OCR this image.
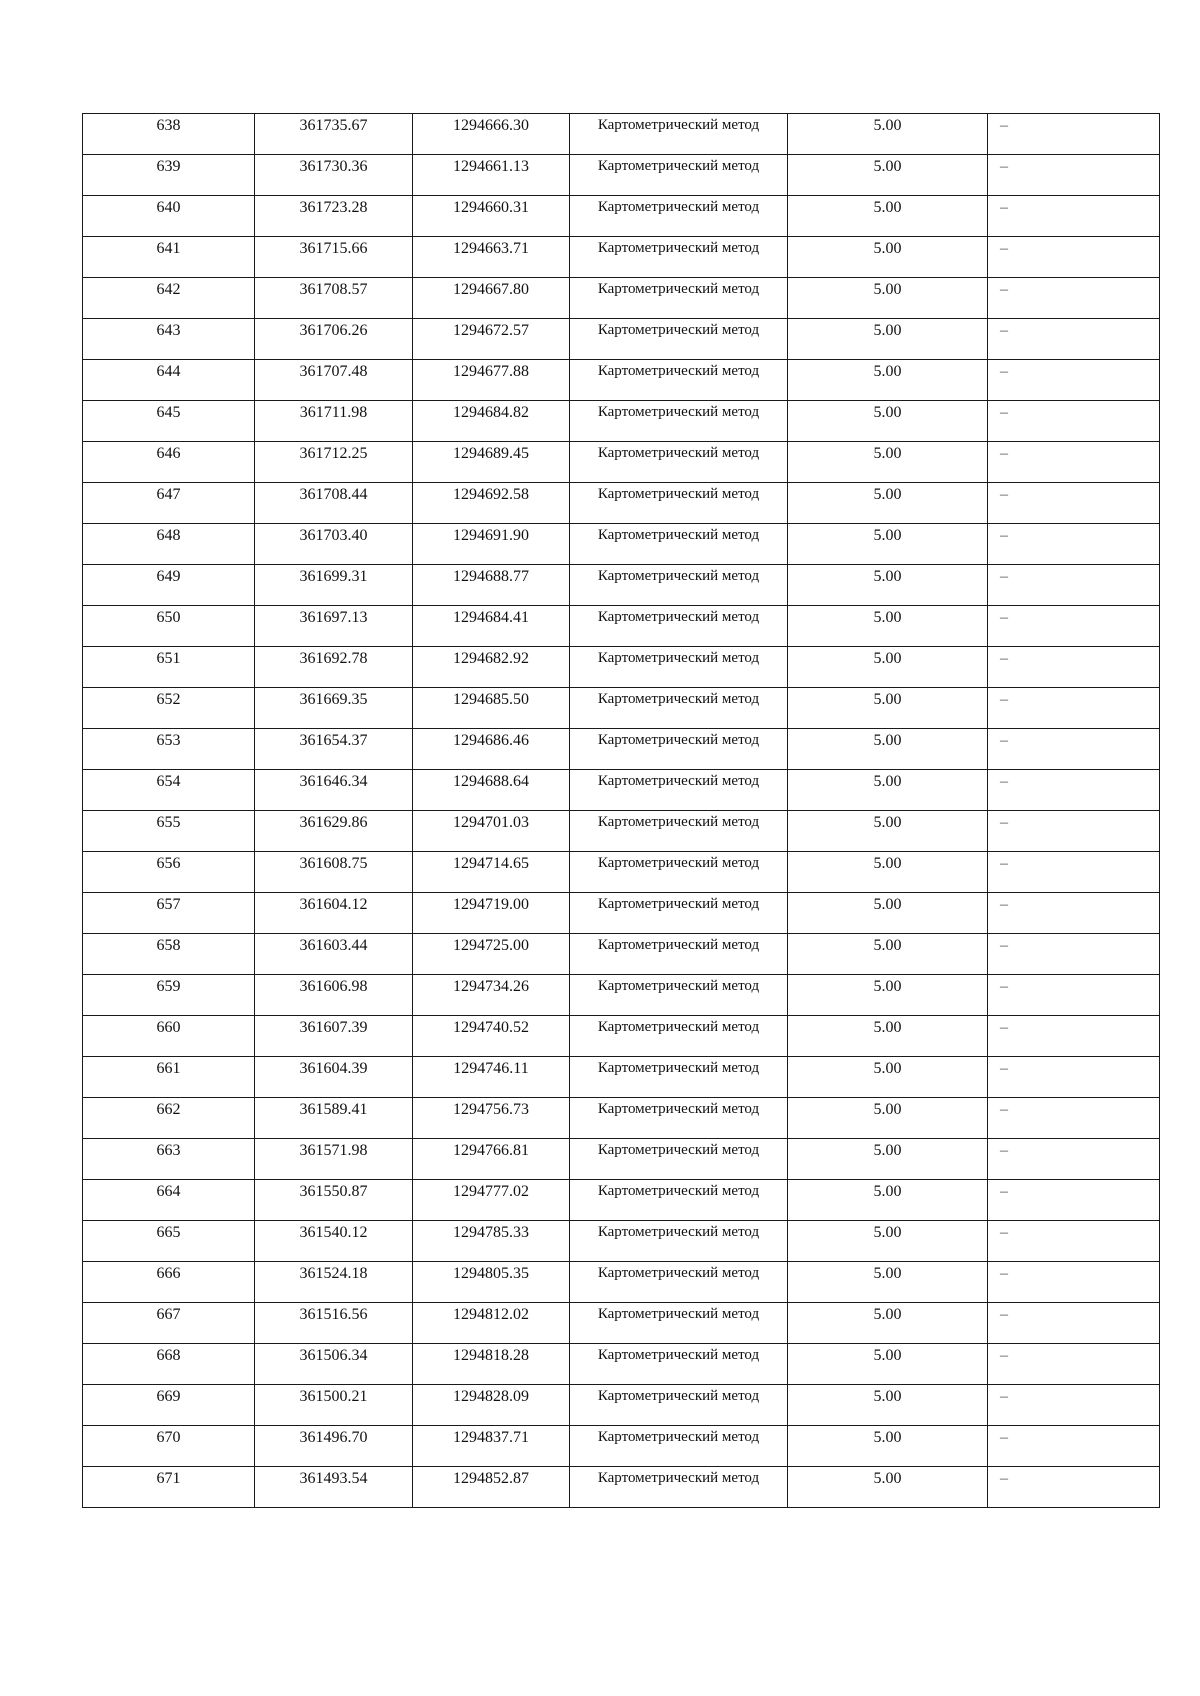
638	361735.67	1294666.30	Картометрический метод	5.00	–
639	361730.36	1294661.13	Картометрический метод	5.00	–
640	361723.28	1294660.31	Картометрический метод	5.00	–
641	361715.66	1294663.71	Картометрический метод	5.00	–
642	361708.57	1294667.80	Картометрический метод	5.00	–
643	361706.26	1294672.57	Картометрический метод	5.00	–
644	361707.48	1294677.88	Картометрический метод	5.00	–
645	361711.98	1294684.82	Картометрический метод	5.00	–
646	361712.25	1294689.45	Картометрический метод	5.00	–
647	361708.44	1294692.58	Картометрический метод	5.00	–
648	361703.40	1294691.90	Картометрический метод	5.00	–
649	361699.31	1294688.77	Картометрический метод	5.00	–
650	361697.13	1294684.41	Картометрический метод	5.00	–
651	361692.78	1294682.92	Картометрический метод	5.00	–
652	361669.35	1294685.50	Картометрический метод	5.00	–
653	361654.37	1294686.46	Картометрический метод	5.00	–
654	361646.34	1294688.64	Картометрический метод	5.00	–
655	361629.86	1294701.03	Картометрический метод	5.00	–
656	361608.75	1294714.65	Картометрический метод	5.00	–
657	361604.12	1294719.00	Картометрический метод	5.00	–
658	361603.44	1294725.00	Картометрический метод	5.00	–
659	361606.98	1294734.26	Картометрический метод	5.00	–
660	361607.39	1294740.52	Картометрический метод	5.00	–
661	361604.39	1294746.11	Картометрический метод	5.00	–
662	361589.41	1294756.73	Картометрический метод	5.00	–
663	361571.98	1294766.81	Картометрический метод	5.00	–
664	361550.87	1294777.02	Картометрический метод	5.00	–
665	361540.12	1294785.33	Картометрический метод	5.00	–
666	361524.18	1294805.35	Картометрический метод	5.00	–
667	361516.56	1294812.02	Картометрический метод	5.00	–
668	361506.34	1294818.28	Картометрический метод	5.00	–
669	361500.21	1294828.09	Картометрический метод	5.00	–
670	361496.70	1294837.71	Картометрический метод	5.00	–
671	361493.54	1294852.87	Картометрический метод	5.00	–
